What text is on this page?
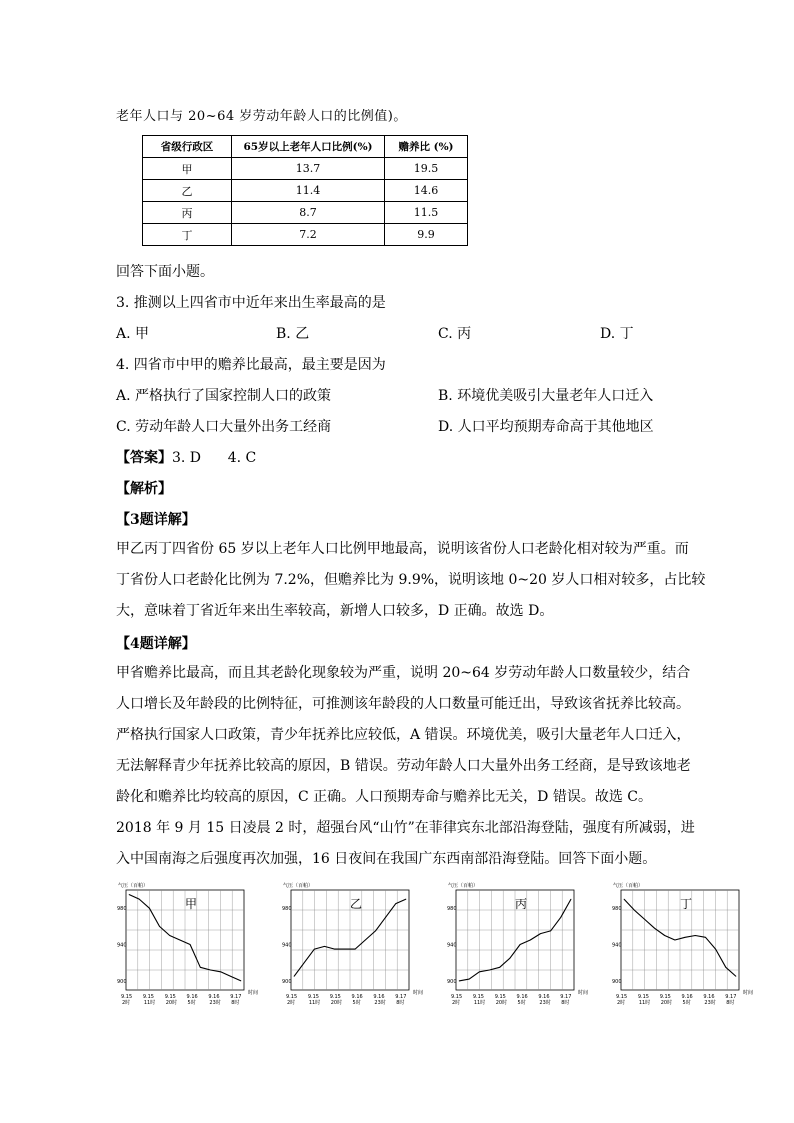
老年人口与 20~64 岁劳动年龄人口的比例值)。
省级行政区	65岁以上老年人口比例(%)	赡养比 (%)
甲	13.7	19.5
乙	11.4	14.6
丙	8.7	11.5
丁	7.2	9.9
回答下面小题。
3. 推测以上四省市中近年来出生率最高的是
A. 甲	B. 乙	C. 丙	D. 丁
4. 四省市中甲的赡养比最高，最主要是因为
A. 严格执行了国家控制人口的政策	B. 环境优美吸引大量老年人口迁入
C. 劳动年龄人口大量外出务工经商	D. 人口平均预期寿命高于其他地区
【答案】3. D      4. C
【解析】
【3题详解】
甲乙丙丁四省份 65 岁以上老年人口比例甲地最高，说明该省份人口老龄化相对较为严重。而
丁省份人口老龄化比例为 7.2%，但赡养比为 9.9%，说明该地 0~20 岁人口相对较多，占比较
大，意味着丁省近年来出生率较高，新增人口较多，D 正确。故选 D。
【4题详解】
甲省赡养比最高，而且其老龄化现象较为严重，说明 20~64 岁劳动年龄人口数量较少，结合
人口增长及年龄段的比例特征，可推测该年龄段的人口数量可能迁出，导致该省抚养比较高。
严格执行国家人口政策，青少年抚养比应较低，A 错误。环境优美，吸引大量老年人口迁入，
无法解释青少年抚养比较高的原因，B 错误。劳动年龄人口大量外出务工经商，是导致该地老
龄化和赡养比均较高的原因，C 正确。人口预期寿命与赡养比无关，D 错误。故选 C。
2018 年 9 月 15 日凌晨 2 时，超强台风“山竹”在菲律宾东北部沿海登陆，强度有所减弱，进
入中国南海之后强度再次加强，16 日夜间在我国广东西南部沿海登陆。回答下面小题。
气压（百帕）
980
940
900
9.15
2时
9.15
11时
9.15
20时
9.16
5时
9.16
23时
9.17
8时
时间
甲
气压（百帕）
980
940
900
9.15
2时
9.15
11时
9.15
20时
9.16
5时
9.16
23时
9.17
8时
时间
乙
气压（百帕）
980
940
900
9.15
2时
9.15
11时
9.15
20时
9.16
5时
9.16
23时
9.17
8时
时间
丙
气压（百帕）
980
940
900
9.15
2时
9.15
11时
9.15
20时
9.16
5时
9.16
23时
9.17
8时
时间
丁
